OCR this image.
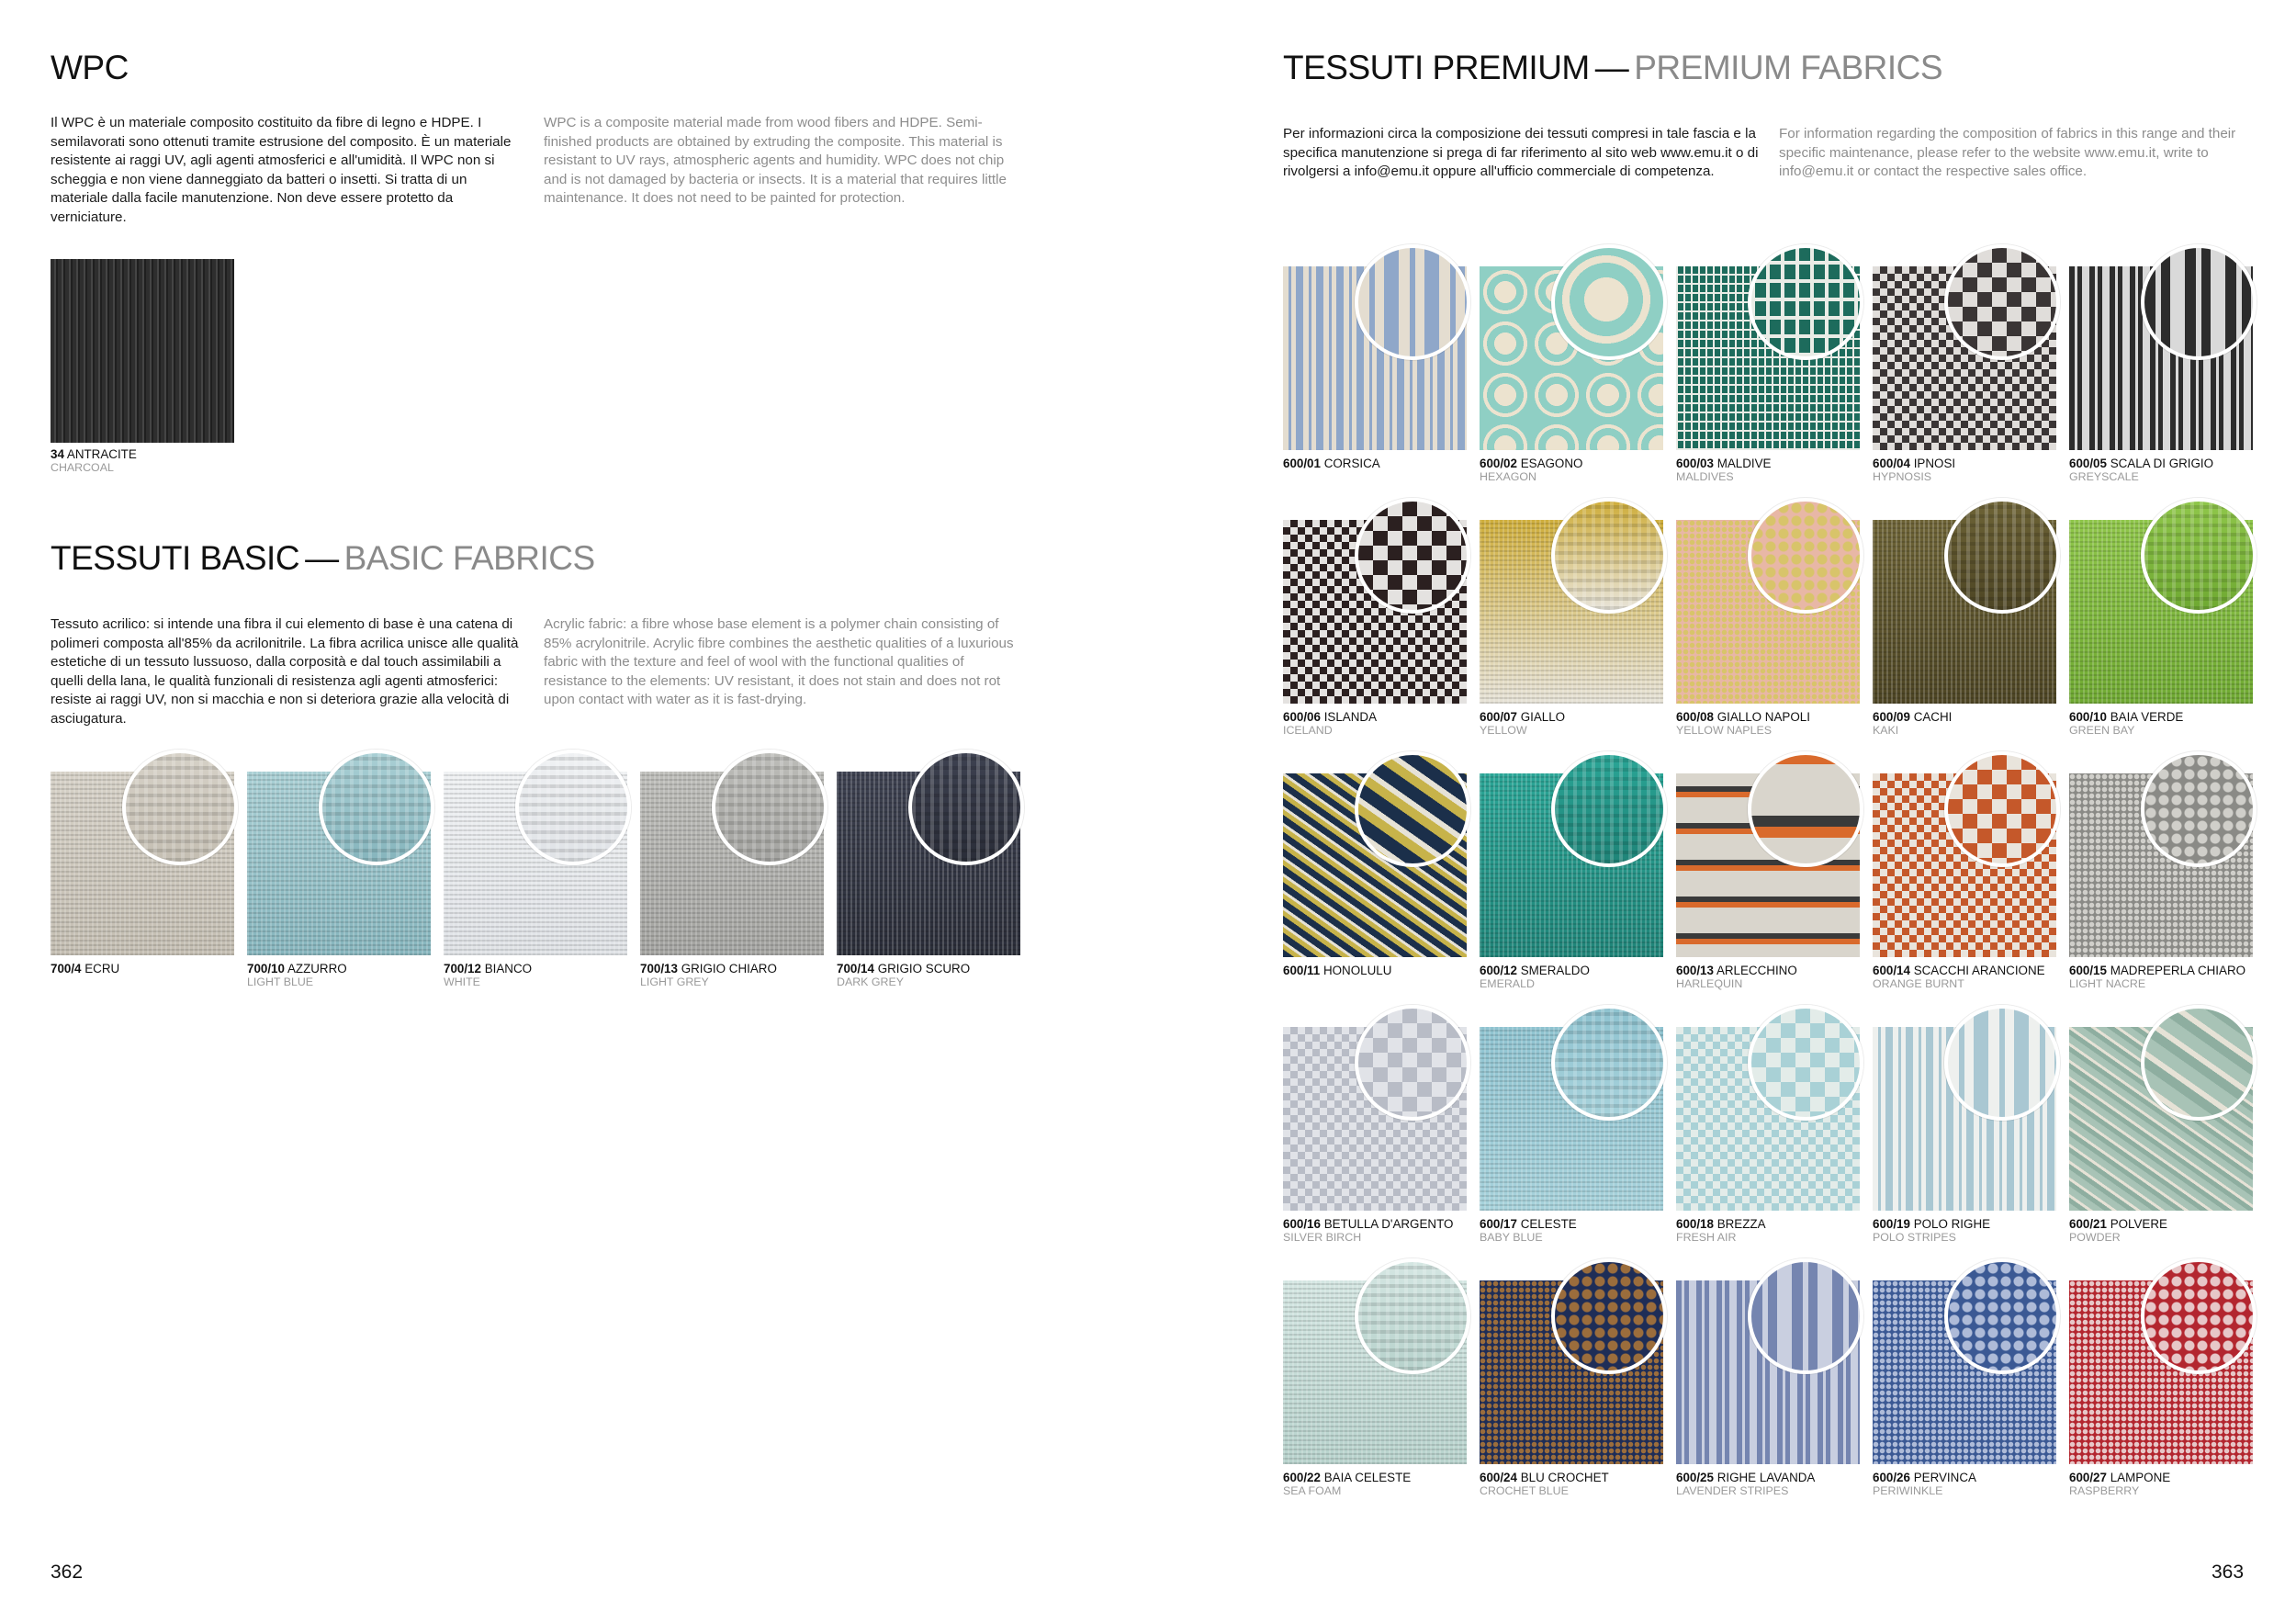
WPC

Il WPC è un materiale composito costituito da fibre di legno e HDPE. I semilavorati sono ottenuti tramite estrusione del composito. È un materiale resistente ai raggi UV, agli agenti atmosferici e all'umidità. Il WPC non si scheggia e non viene danneggiato da batteri o insetti. Si tratta di un materiale dalla facile manutenzione. Non deve essere protetto da verniciature.

WPC is a composite material made from wood fibers and HDPE. Semi-finished products are obtained by extruding the composite. This material is resistant to UV rays, atmospheric agents and humidity. WPC does not chip and is not damaged by bacteria or insects. It is a material that requires little maintenance. It does not need to be painted for protection.

34 ANTRACITE
CHARCOAL
TESSUTI BASIC — BASIC FABRICS

Tessuto acrilico: si intende una fibra il cui elemento di base è una catena di polimeri composta all'85% da acrilonitrile. La fibra acrilica unisce alle qualità estetiche di un tessuto lussuoso, dalla corposità e dal touch assimilabili a quelli della lana, le qualità funzionali di resistenza agli agenti atmosferici: resiste ai raggi UV, non si macchia e non si deteriora grazie alla velocità di asciugatura.

Acrylic fabric: a fibre whose base element is a polymer chain consisting of 85% acrylonitrile. Acrylic fibre combines the aesthetic qualities of a luxurious fabric with the texture and feel of wool with the functional qualities of resistance to the elements: UV resistant, it does not stain and does not rot upon contact with water as it is fast-drying.

700/4 ECRU	700/10 AZZURRO
LIGHT BLUE
700/12 BIANCO
WHITE
700/13 GRIGIO CHIARO
LIGHT GREY
700/14 GRIGIO SCURO
DARK GREY
362
TESSUTI PREMIUM — PREMIUM FABRICS

Per informazioni circa la composizione dei tessuti compresi in tale fascia e la specifica manutenzione si prega di far riferimento al sito web www.emu.it o di rivolgersi a info@emu.it oppure all'ufficio commerciale di competenza.

For information regarding the composition of fabrics in this range and their specific maintenance, please refer to the website www.emu.it, write to info@emu.it or contact the respective sales office.

600/01 CORSICA	600/02 ESAGONO
HEXAGON
600/03 MALDIVE
MALDIVES
600/04 IPNOSI
HYPNOSIS
600/05 SCALA DI GRIGIO
GREYSCALE
600/06 ISLANDA
ICELAND
600/07 GIALLO
YELLOW
600/08 GIALLO NAPOLI
YELLOW NAPLES
600/09 CACHI
KAKI
600/10 BAIA VERDE
GREEN BAY
600/11 HONOLULU	600/12 SMERALDO
EMERALD
600/13 ARLECCHINO
HARLEQUIN
600/14 SCACCHI ARANCIONE
ORANGE BURNT
600/15 MADREPERLA CHIARO
LIGHT NACRE
600/16 BETULLA D'ARGENTO
SILVER BIRCH
600/17 CELESTE
BABY BLUE
600/18 BREZZA
FRESH AIR
600/19 POLO RIGHE
POLO STRIPES
600/21 POLVERE
POWDER
600/22 BAIA CELESTE
SEA FOAM
600/24 BLU CROCHET
CROCHET BLUE
600/25 RIGHE LAVANDA
LAVENDER STRIPES
600/26 PERVINCA
PERIWINKLE
600/27 LAMPONE
RASPBERRY
363
